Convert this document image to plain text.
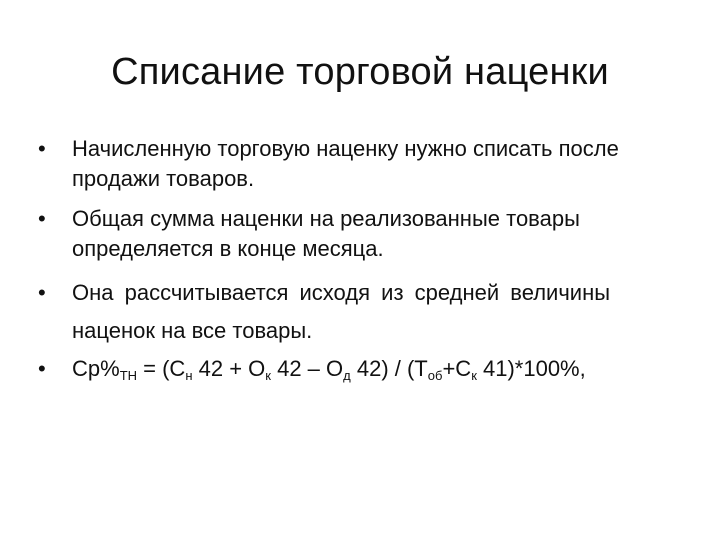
Списание торговой наценки
• Начисленную торговую наценку нужно списать после продажи товаров.
• Общая сумма наценки на реализованные товары определяется в конце месяца.
• Она рассчитывается исходя из средней величины
наценок на все товары.
• $Ср\%_{ТН} = (С_н$ $42 + О_к$ $42 - О_д$ $42) / (Т_{об}+С_к$ 41)*100%,
